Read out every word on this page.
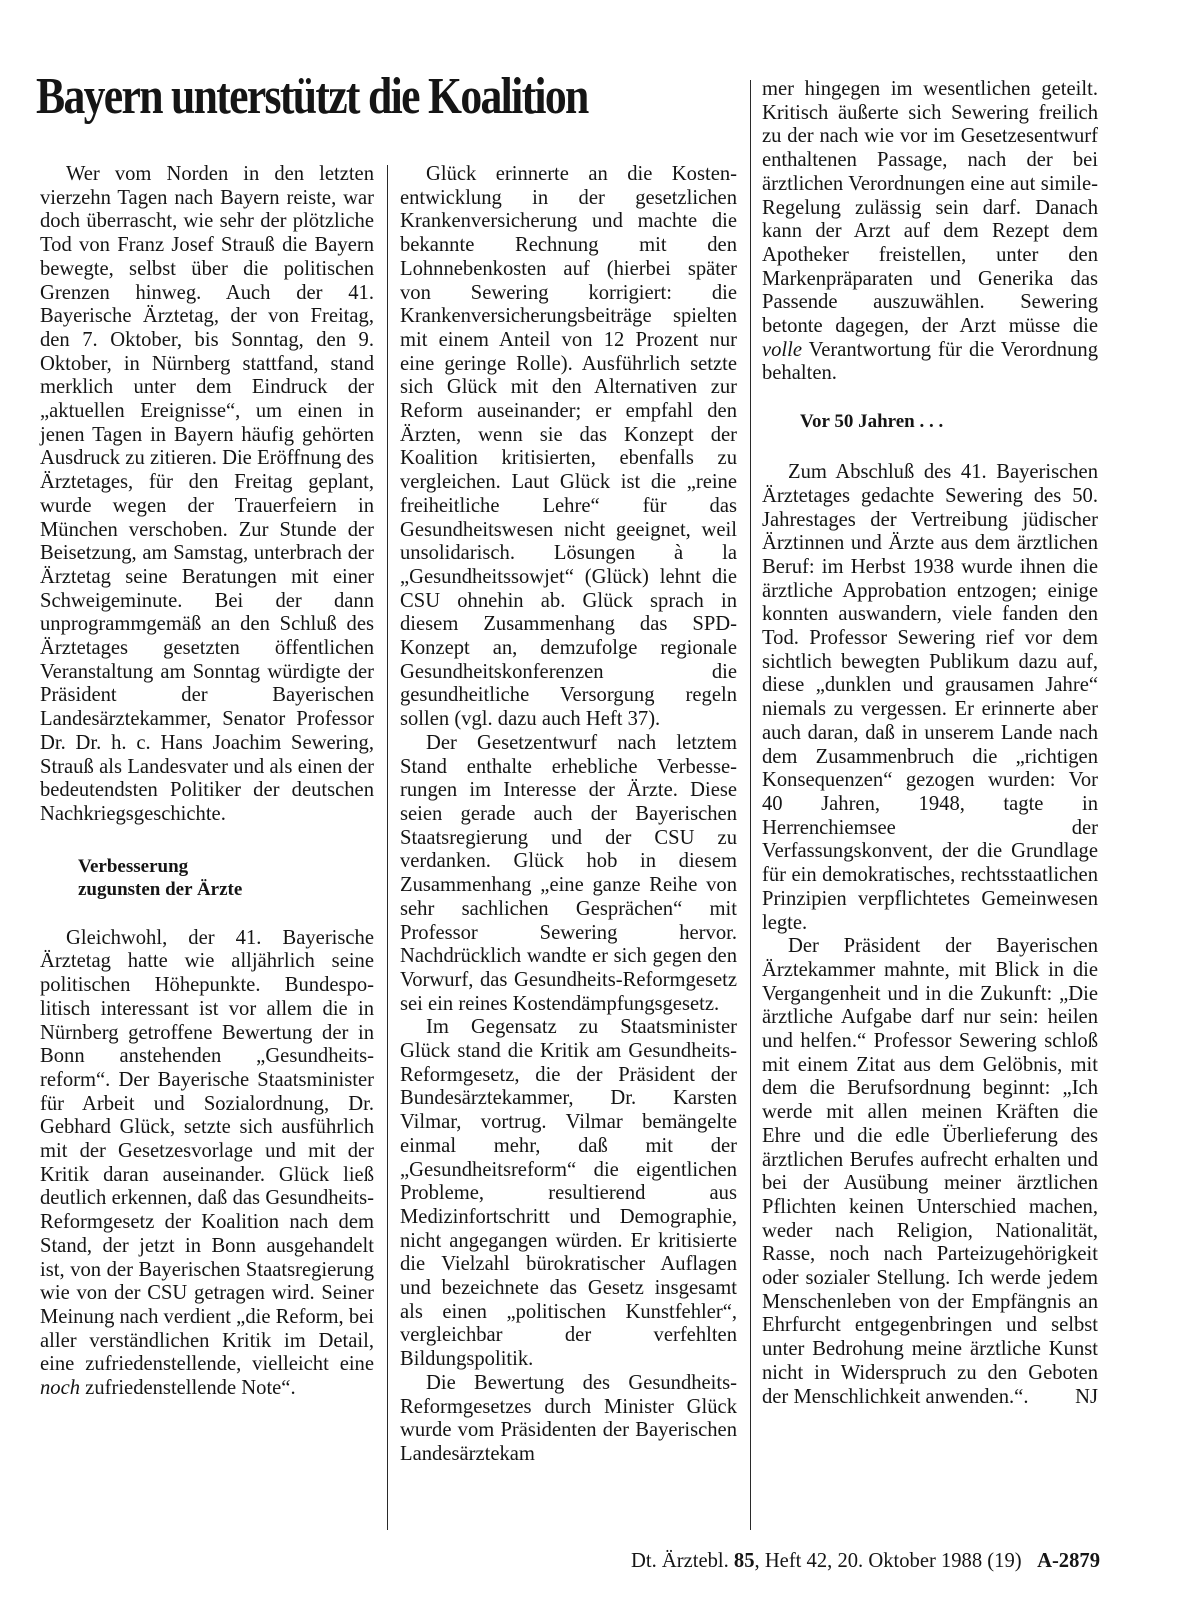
Bayern unterstützt die Koalition

Wer vom Norden in den letzten vierzehn Tagen nach Bayern reiste, war doch überrascht, wie sehr der plötzliche Tod von Franz Josef Strauß die Bayern bewegte, selbst über die politischen Grenzen hinweg. Auch der 41. Bayerische Ärztetag, der von Freitag, den 7. Oktober, bis Sonntag, den 9. Oktober, in Nürnberg stattfand, stand merklich unter dem Eindruck der „aktuellen Ereignisse“, um einen in jenen Tagen in Bayern häufig gehörten Ausdruck zu zitieren. Die Eröffnung des Ärztetages, für den Freitag geplant, wurde wegen der Trauerfeiern in München verschoben. Zur Stunde der Beisetzung, am Samstag, unterbrach der Ärztetag seine Beratungen mit einer Schweigeminute. Bei der dann unprogrammgemäß an den Schluß des Ärztetages gesetzten öffentlichen Veranstaltung am Sonntag würdigte der Präsident der Bayerischen Landesärztekammer, Senator Professor Dr. Dr. h. c. Hans Joachim Sewering, Strauß als Landesvater und als einen der bedeutendsten Politiker der deutschen Nachkriegsgeschichte.

Verbesserung
zugunsten der Ärzte

Gleichwohl, der 41. Bayerische Ärztetag hatte wie alljährlich seine politischen Höhepunkte. Bundespolitisch interessant ist vor allem die in Nürnberg getroffene Bewertung der in Bonn anstehenden „Gesundheitsreform“. Der Bayerische Staatsminister für Arbeit und Sozialordnung, Dr. Gebhard Glück, setzte sich ausführlich mit der Gesetzesvorlage und mit der Kritik daran auseinander. Glück ließ deutlich erkennen, daß das Gesundheits-Reformgesetz der Koalition nach dem Stand, der jetzt in Bonn ausgehandelt ist, von der Bayerischen Staatsregierung wie von der CSU getragen wird. Seiner Meinung nach verdient „die Reform, bei aller verständlichen Kritik im Detail, eine zufriedenstellende, vielleicht eine noch zufriedenstellende Note“.

Glück erinnerte an die Kostenentwicklung in der gesetzlichen Krankenversicherung und machte die bekannte Rechnung mit den Lohnnebenkosten auf (hierbei später von Sewering korrigiert: die Krankenversicherungsbeiträge spielten mit einem Anteil von 12 Prozent nur eine geringe Rolle). Ausführlich setzte sich Glück mit den Alternativen zur Reform auseinander; er empfahl den Ärzten, wenn sie das Konzept der Koalition kritisierten, ebenfalls zu vergleichen. Laut Glück ist die „reine freiheitliche Lehre“ für das Gesundheitswesen nicht geeignet, weil unsolidarisch. Lösungen à la „Gesundheitssowjet“ (Glück) lehnt die CSU ohnehin ab. Glück sprach in diesem Zusammenhang das SPD-Konzept an, demzufolge regionale Gesundheitskonferenzen die gesundheitliche Versorgung regeln sollen (vgl. dazu auch Heft 37).

Der Gesetzentwurf nach letztem Stand enthalte erhebliche Verbesserungen im Interesse der Ärzte. Diese seien gerade auch der Bayerischen Staatsregierung und der CSU zu verdanken. Glück hob in diesem Zusammenhang „eine ganze Reihe von sehr sachlichen Gesprächen“ mit Professor Sewering hervor. Nachdrücklich wandte er sich gegen den Vorwurf, das Gesundheits-Reformgesetz sei ein reines Kostendämpfungsgesetz.

Im Gegensatz zu Staatsminister Glück stand die Kritik am Gesundheits-Reformgesetz, die der Präsident der Bundesärztekammer, Dr. Karsten Vilmar, vortrug. Vilmar bemängelte einmal mehr, daß mit der „Gesundheitsreform“ die eigentlichen Probleme, resultierend aus Medizinfortschritt und Demographie, nicht angegangen würden. Er kritisierte die Vielzahl bürokratischer Auflagen und bezeichnete das Gesetz insgesamt als einen „politischen Kunstfehler“, vergleichbar der verfehlten Bildungspolitik.

Die Bewertung des Gesundheits-Reformgesetzes durch Minister Glück wurde vom Präsidenten der Bayerischen Landesärztekam

mer hingegen im wesentlichen geteilt. Kritisch äußerte sich Sewering freilich zu der nach wie vor im Gesetzesentwurf enthaltenen Passage, nach der bei ärztlichen Verordnungen eine aut simile-Regelung zulässig sein darf. Danach kann der Arzt auf dem Rezept dem Apotheker freistellen, unter den Markenpräparaten und Generika das Passende auszuwählen. Sewering betonte dagegen, der Arzt müsse die volle Verantwortung für die Verordnung behalten.

Vor 50 Jahren . . .

Zum Abschluß des 41. Bayerischen Ärztetages gedachte Sewering des 50. Jahrestages der Vertreibung jüdischer Ärztinnen und Ärzte aus dem ärztlichen Beruf: im Herbst 1938 wurde ihnen die ärztliche Approbation entzogen; einige konnten auswandern, viele fanden den Tod. Professor Sewering rief vor dem sichtlich bewegten Publikum dazu auf, diese „dunklen und grausamen Jahre“ niemals zu vergessen. Er erinnerte aber auch daran, daß in unserem Lande nach dem Zusammenbruch die „richtigen Konsequenzen“ gezogen wurden: Vor 40 Jahren, 1948, tagte in Herrenchiemsee der Verfassungskonvent, der die Grundlage für ein demokratisches, rechtsstaatlichen Prinzipien verpflichtetes Gemeinwesen legte.

Der Präsident der Bayerischen Ärztekammer mahnte, mit Blick in die Vergangenheit und in die Zukunft: „Die ärztliche Aufgabe darf nur sein: heilen und helfen.“ Professor Sewering schloß mit einem Zitat aus dem Gelöbnis, mit dem die Berufsordnung beginnt: „Ich werde mit allen meinen Kräften die Ehre und die edle Überlieferung des ärztlichen Berufes aufrecht erhalten und bei der Ausübung meiner ärztlichen Pflichten keinen Unterschied machen, weder nach Religion, Nationalität, Rasse, noch nach Parteizugehörigkeit oder sozialer Stellung. Ich werde jedem Menschenleben von der Empfängnis an Ehrfurcht entgegenbringen und selbst unter Bedrohung meine ärztliche Kunst nicht in Widerspruch zu den Geboten der Menschlichkeit anwenden.“.	NJ

Dt. Ärztebl. 85, Heft 42, 20. Oktober 1988 (19) A-2879
